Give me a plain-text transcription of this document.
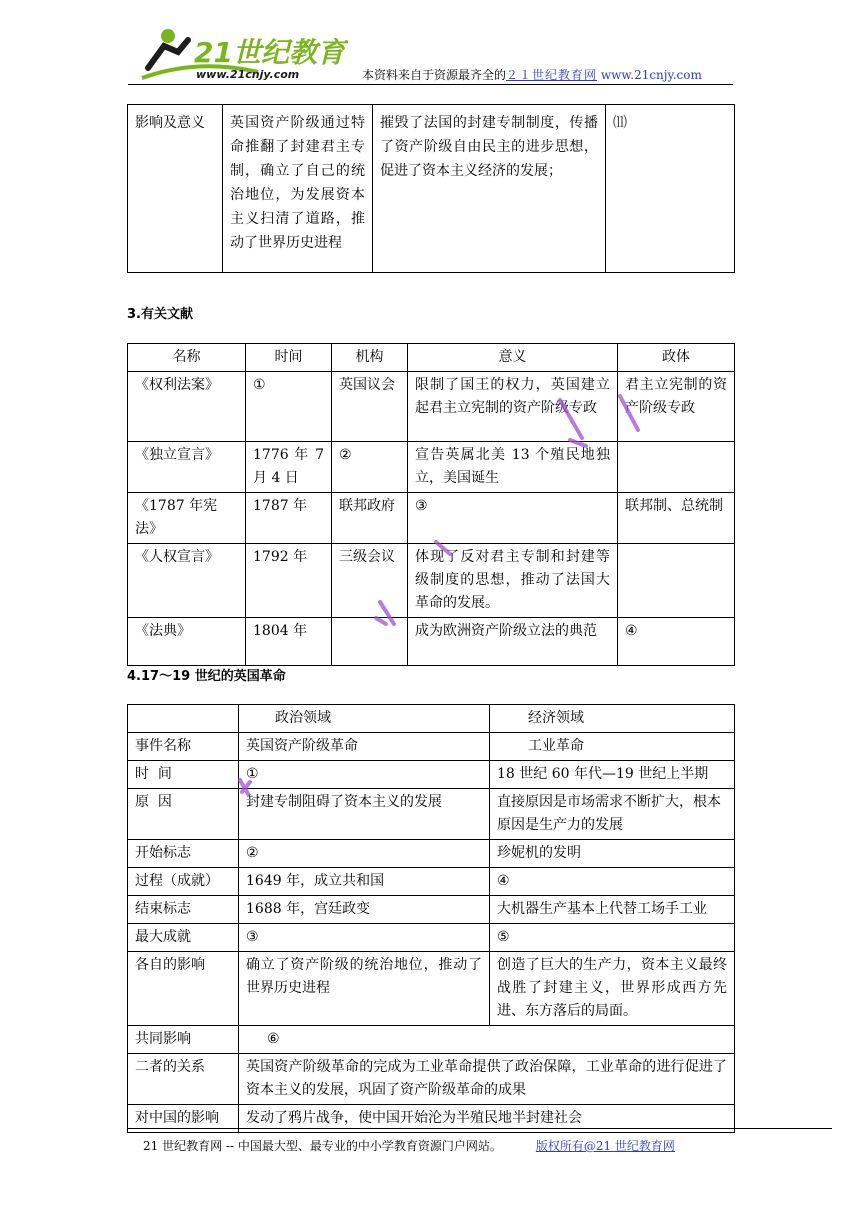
21世纪教育
www.21cnjy.com	本资料来自于资源最齐全的２１世纪教育网 www.21cnjy.com
影响及意义	英国资产阶级通过特命推翻了封建君主专制，确立了自己的统治地位，为发展资本主义扫清了道路，推动了世界历史进程	摧毁了法国的封建专制制度，传播了资产阶级自由民主的进步思想，促进了资本主义经济的发展；	⑾
3.有关文献
名称	时间	机构	意义	政体
《权利法案》	①	英国议会	限制了国王的权力，英国建立起君主立宪制的资产阶级专政	君主立宪制的资产阶级专政
《独立宣言》	1776 年 7 月 4 日	②	宣告英属北美 13 个殖民地独立，美国诞生	
《1787 年宪法》	1787 年	联邦政府	③	联邦制、总统制
《人权宣言》	1792 年	三级会议	体现了反对君主专制和封建等级制度的思想，推动了法国大革命的发展。	
《法典》	1804 年		成为欧洲资产阶级立法的典范	④
4.17～19 世纪的英国革命
	政治领域	经济领域
事件名称	英国资产阶级革命	工业革命
时  间	①	18 世纪 60 年代—19 世纪上半期
原  因	封建专制阻碍了资本主义的发展	直接原因是市场需求不断扩大，根本原因是生产力的发展
开始标志	②	珍妮机的发明
过程（成就）	1649 年，成立共和国	④
结束标志	1688 年，宫廷政变	大机器生产基本上代替工场手工业
最大成就	③	⑤
各自的影响	确立了资产阶级的统治地位，推动了世界历史进程	创造了巨大的生产力，资本主义最终战胜了封建主义，世界形成西方先进、东方落后的局面。
共同影响	⑥	
二者的关系	英国资产阶级革命的完成为工业革命提供了政治保障，工业革命的进行促进了资本主义的发展，巩固了资产阶级革命的成果	
对中国的影响	发动了鸦片战争，使中国开始沦为半殖民地半封建社会	
21 世纪教育网 -- 中国最大型、最专业的中小学教育资源门户网站。	版权所有@21 世纪教育网
